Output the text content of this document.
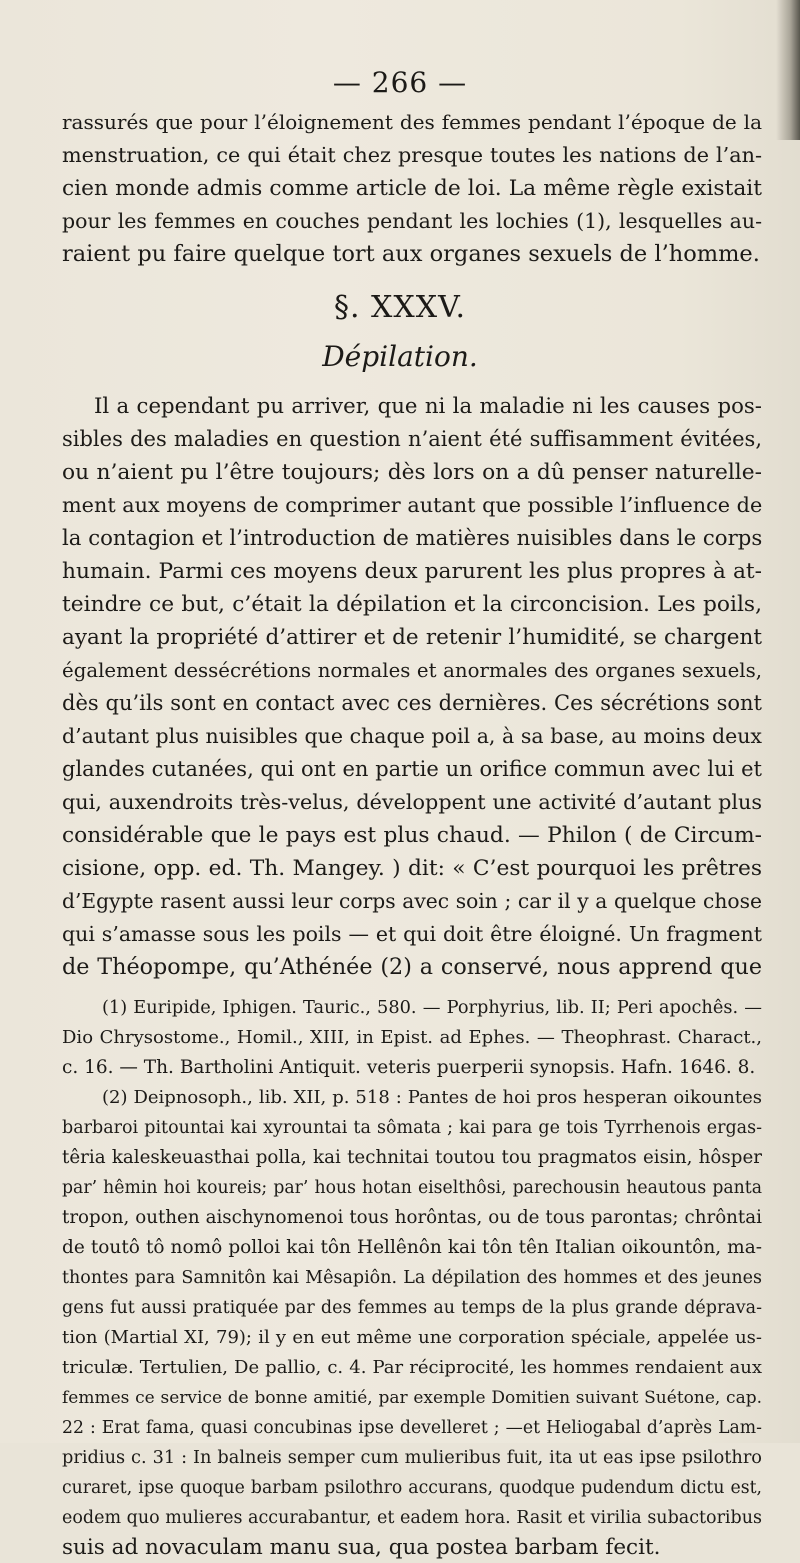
— 266 —
rassurés que pour l’éloignement des femmes pendant l’époque de la
menstruation, ce qui était chez presque toutes les nations de l’an-
cien monde admis comme article de loi. La même règle existait
pour les femmes en couches pendant les lochies (1), lesquelles au-
raient pu faire quelque tort aux organes sexuels de l’homme.
§. XXXV.
Dépilation.
Il a cependant pu arriver, que ni la maladie ni les causes pos-
sibles des maladies en question n’aient été suffisamment évitées,
ou n’aient pu l’être toujours; dès lors on a dû penser naturelle-
ment aux moyens de comprimer autant que possible l’influence de
la contagion et l’introduction de matières nuisibles dans le corps
humain. Parmi ces moyens deux parurent les plus propres à at-
teindre ce but, c’était la dépilation et la circoncision. Les poils,
ayant la propriété d’attirer et de retenir l’humidité, se chargent
également dessécrétions normales et anormales des organes sexuels,
dès qu’ils sont en contact avec ces dernières. Ces sécrétions sont
d’autant plus nuisibles que chaque poil a, à sa base, au moins deux
glandes cutanées, qui ont en partie un orifice commun avec lui et
qui, auxendroits très-velus, développent une activité d’autant plus
considérable que le pays est plus chaud. — Philon ( de Circum-
cisione, opp. ed. Th. Mangey. ) dit: « C’est pourquoi les prêtres
d’Egypte rasent aussi leur corps avec soin ; car il y a quelque chose
qui s’amasse sous les poils — et qui doit être éloigné. Un fragment
de Théopompe, qu’Athénée (2) a conservé, nous apprend que
(1) Euripide, Iphigen. Tauric., 580. — Porphyrius, lib. II; Peri apochês. —
Dio Chrysostome., Homil., XIII, in Epist. ad Ephes. — Theophrast. Charact.,
c. 16. — Th. Bartholini Antiquit. veteris puerperii synopsis. Hafn. 1646. 8.
(2) Deipnosoph., lib. XII, p. 518 : Pantes de hoi pros hesperan oikountes
barbaroi pitountai kai xyrountai ta sômata ; kai para ge tois Tyrrhenois ergas-
têria kaleskeuasthai polla, kai technitai toutou tou pragmatos eisin, hôsper
par’ hêmin hoi koureis; par’ hous hotan eiselthôsi, parechousin heautous panta
tropon, outhen aischynomenoi tous horôntas, ou de tous parontas; chrôntai
de toutô tô nomô polloi kai tôn Hellênôn kai tôn tên Italian oikountôn, ma-
thontes para Samnitôn kai Mêsapiôn. La dépilation des hommes et des jeunes
gens fut aussi pratiquée par des femmes au temps de la plus grande déprava-
tion (Martial XI, 79); il y en eut même une corporation spéciale, appelée us-
triculæ. Tertulien, De pallio, c. 4. Par réciprocité, les hommes rendaient aux
femmes ce service de bonne amitié, par exemple Domitien suivant Suétone, cap.
22 : Erat fama, quasi concubinas ipse develleret ; —et Heliogabal d’après Lam-
pridius c. 31 : In balneis semper cum mulieribus fuit, ita ut eas ipse psilothro
curaret, ipse quoque barbam psilothro accurans, quodque pudendum dictu est,
eodem quo mulieres accurabantur, et eadem hora. Rasit et virilia subactoribus
suis ad novaculam manu sua, qua postea barbam fecit.
